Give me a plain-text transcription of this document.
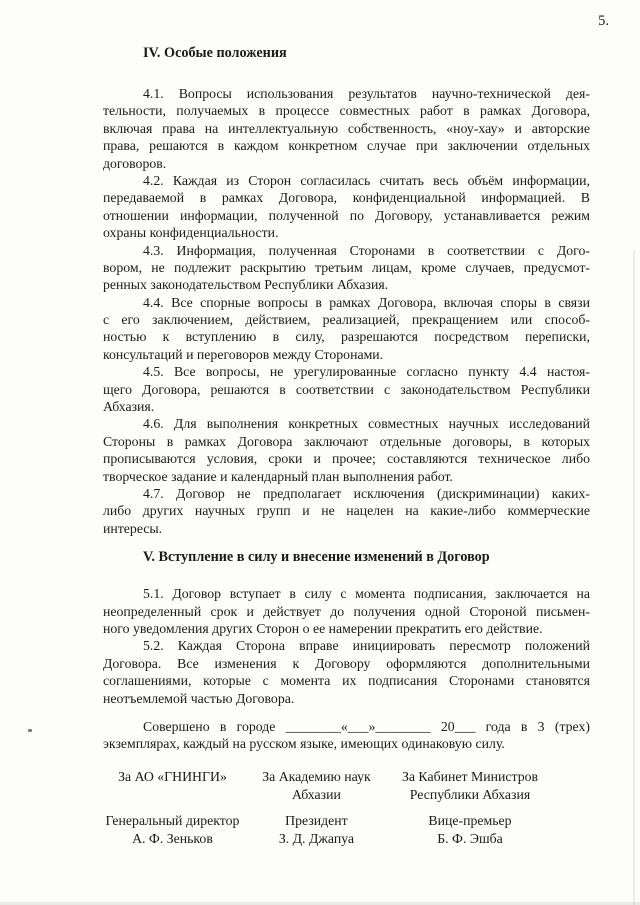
5.
IV. Особые положения
4.1. Вопросы использования результатов научно-технической дея-
тельности, получаемых в процессе совместных работ в рамках Договора,
включая права на интеллектуальную собственность, «ноу-хау» и авторские
права, решаются в каждом конкретном случае при заключении отдельных
договоров.
4.2. Каждая из Сторон согласилась считать весь объём информации,
передаваемой в рамках Договора, конфиденциальной информацией. В
отношении информации, полученной по Договору, устанавливается режим
охраны конфиденциальности.
4.3. Информация, полученная Сторонами в соответствии с Дого-
вором, не подлежит раскрытию третьим лицам, кроме случаев, предусмот-
ренных законодательством Республики Абхазия.
4.4. Все спорные вопросы в рамках Договора, включая споры в связи
с его заключением, действием, реализацией, прекращением или способ-
ностью к вступлению в силу, разрешаются посредством переписки,
консультаций и переговоров между Сторонами.
4.5. Все вопросы, не урегулированные согласно пункту 4.4 настоя-
щего Договора, решаются в соответствии с законодательством Республики
Абхазия.
4.6. Для выполнения конкретных совместных научных исследований
Стороны в рамках Договора заключают отдельные договоры, в которых
прописываются условия, сроки и прочее; составляются техническое либо
творческое задание и календарный план выполнения работ.
4.7. Договор не предполагает исключения (дискриминации) каких-
либо других научных групп и не нацелен на какие-либо коммерческие
интересы.
V. Вступление в силу и внесение изменений в Договор
5.1. Договор вступает в силу с момента подписания, заключается на
неопределенный срок и действует до получения одной Стороной письмен-
ного уведомления других Сторон о ее намерении прекратить его действие.
5.2. Каждая Сторона вправе инициировать пересмотр положений
Договора. Все изменения к Договору оформляются дополнительными
соглашениями, которые с момента их подписания Сторонами становятся
неотъемлемой частью Договора.
Совершено в городе ________«___»________ 20___ года в 3 (трех)
экземплярах, каждый на русском языке, имеющих одинаковую силу.
За АО «ГНИНГИ»
Генеральный директор
А. Ф. Зеньков
За Академию наук
Абхазии
Президент
З. Д. Джапуа
За Кабинет Министров
Республики Абхазия
Вице-премьер
Б. Ф. Эшба
